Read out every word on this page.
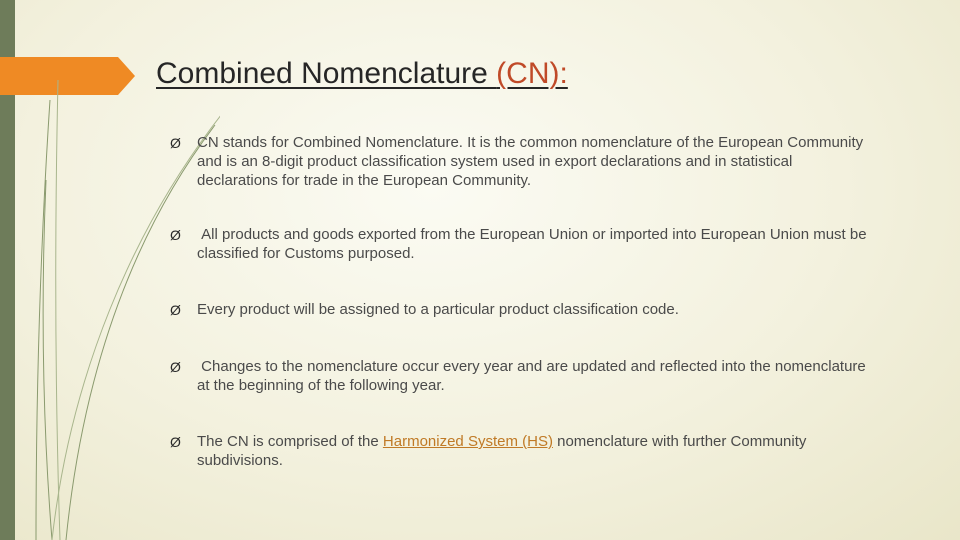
Combined Nomenclature (CN):
Ø CN stands for Combined Nomenclature. It is the common nomenclature of the European Community and is an 8-digit product classification system used in export declarations and in statistical declarations for trade in the European Community.
Ø All products and goods exported from the European Union or imported into European Union must be classified for Customs purposed.
Ø Every product will be assigned to a particular product classification code.
Ø Changes to the nomenclature occur every year and are updated and reflected into the nomenclature at the beginning of the following year.
Ø The CN is comprised of the Harmonized System (HS) nomenclature with further Community subdivisions.
